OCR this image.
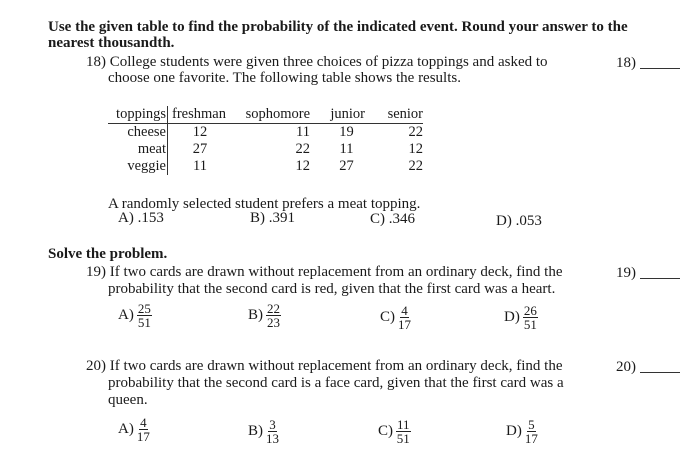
Use the given table to find the probability of the indicated event. Round your answer to the
nearest thousandth.
18) College students were given three choices of pizza toppings and asked to
choose one favorite. The following table shows the results.
18)
toppings	freshman	sophomore	junior	senior
cheese	12	11	19	22
meat	27	22	11	12
veggie	11	12	27	22
A randomly selected student prefers a meat topping.
A) .153	B) .391	C) .346	D) .053
Solve the problem.
19) If two cards are drawn without replacement from an ordinary deck, find the
probability that the second card is red, given that the first card was a heart.
19)
$A) \frac{25}{51}$	$B) \frac{22}{23}$	$C) \frac{4}{17}$	$D) \frac{26}{51}$
20) If two cards are drawn without replacement from an ordinary deck, find the
probability that the second card is a face card, given that the first card was a
queen.
20)
$A) \frac{4}{17}$	$B) \frac{3}{13}$	$C) \frac{11}{51}$	$D) \frac{5}{17}$
